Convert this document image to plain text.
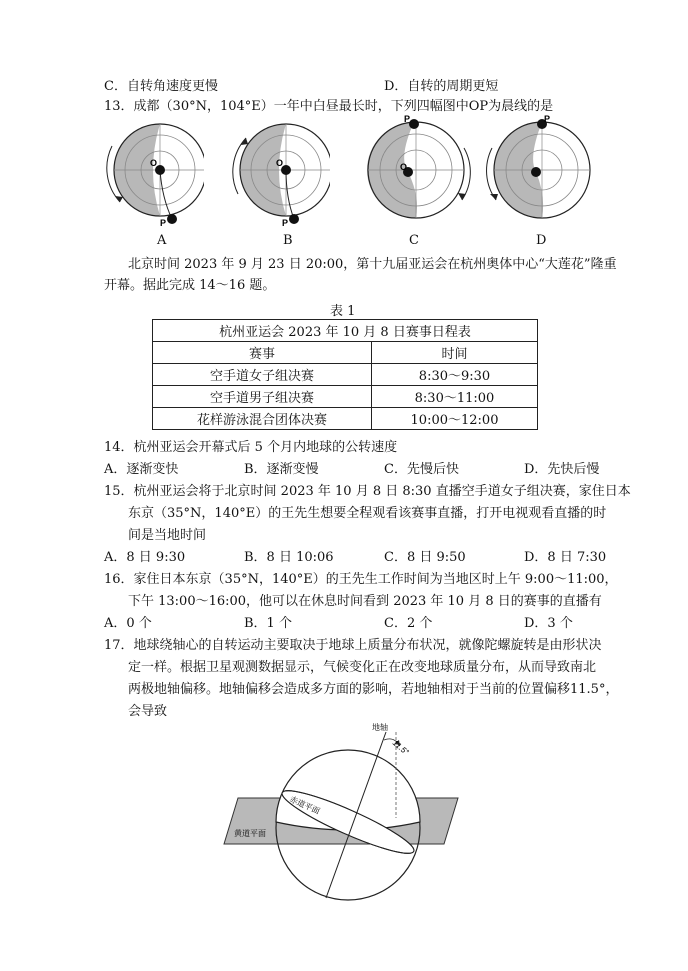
C．自转角速度更慢	D．自转的周期更短
13．成都（30°N，104°E）一年中白昼最长时，下列四幅图中OP为晨线的是
O
P
A
O
P
B
O
P
C
P
D
北京时间 2023 年 9 月 23 日 20:00，第十九届亚运会在杭州奥体中心“大莲花”隆重
开幕。据此完成 14～16 题。
表 1
杭州亚运会 2023 年 10 月 8 日赛事日程表	
赛事	时间
空手道女子组决赛	8:30～9:30
空手道男子组决赛	8:30～11:00
花样游泳混合团体决赛	10:00～12:00
14．杭州亚运会开幕式后 5 个月内地球的公转速度
A．逐渐变快	B．逐渐变慢	C．先慢后快	D．先快后慢
15．杭州亚运会将于北京时间 2023 年 10 月 8 日 8:30 直播空手道女子组决赛，家住日本
东京（35°N，140°E）的王先生想要全程观看该赛事直播，打开电视观看直播的时
间是当地时间
A．8 日 9:30	B．8 日 10:06	C．8 日 9:50	D．8 日 7:30
16．家住日本东京（35°N，140°E）的王先生工作时间为当地区时上午 9:00～11:00，
下午 13:00～16:00，他可以在休息时间看到 2023 年 10 月 8 日的赛事的直播有
A．0 个	B．1 个	C．2 个	D．3 个
17．地球绕轴心的自转运动主要取决于地球上质量分布状况，就像陀螺旋转是由形状决
定一样。根据卫星观测数据显示，气候变化正在改变地球质量分布，从而导致南北
两极地轴偏移。地轴偏移会造成多方面的影响，若地轴相对于当前的位置偏移11.5°，
会导致
地轴
11.5°
赤道平面
黄道平面
